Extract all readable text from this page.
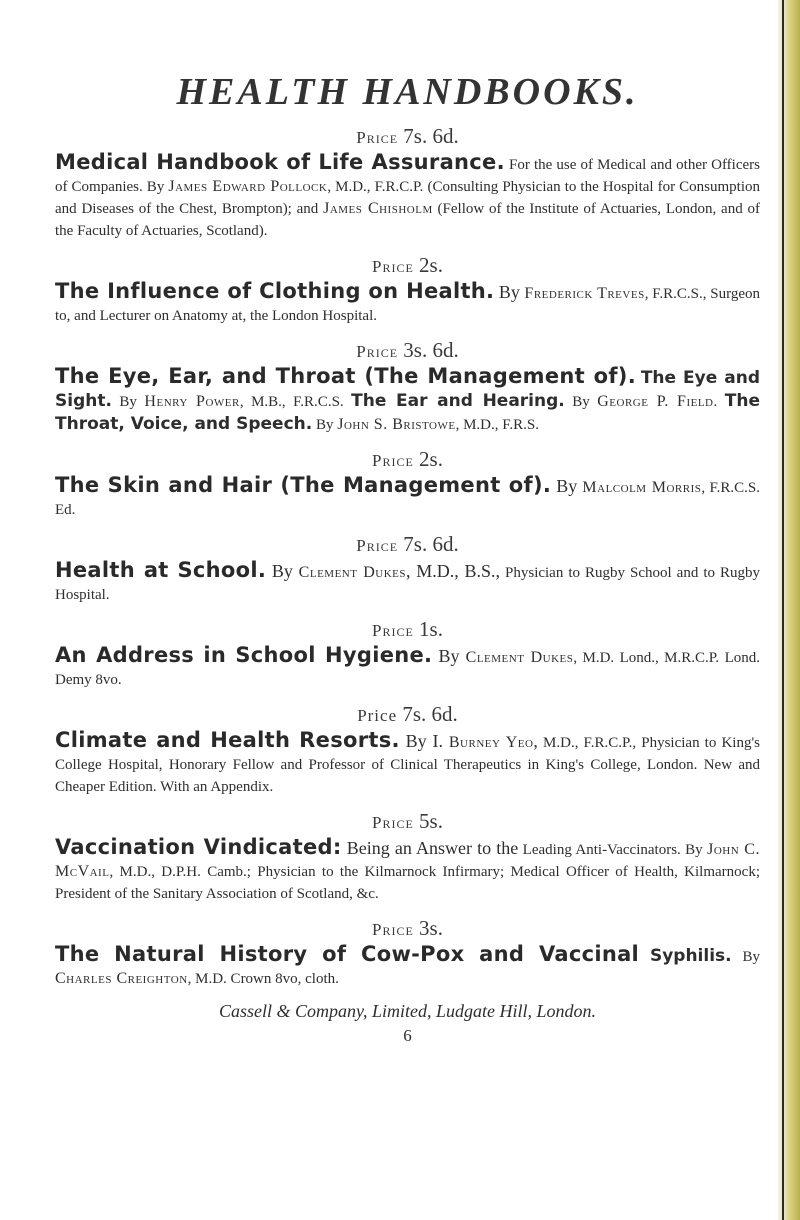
HEALTH HANDBOOKS.
Price 7s. 6d.

Medical Handbook of Life Assurance. For the use of Medical and other Officers of Companies. By James Edward Pollock, M.D., F.R.C.P. (Consulting Physician to the Hospital for Consumption and Diseases of the Chest, Brompton); and James Chisholm (Fellow of the Institute of Actuaries, London, and of the Faculty of Actuaries, Scotland).

Price 2s.

The Influence of Clothing on Health. By Frederick Treves, F.R.C.S., Surgeon to, and Lecturer on Anatomy at, the London Hospital.

Price 3s. 6d.

The Eye, Ear, and Throat (The Management of). The Eye and Sight. By Henry Power, M.B., F.R.C.S. The Ear and Hearing. By George P. Field. The Throat, Voice, and Speech. By John S. Bristowe, M.D., F.R.S.

Price 2s.

The Skin and Hair (The Management of). By Malcolm Morris, F.R.C.S. Ed.

Price 7s. 6d.

Health at School. By Clement Dukes, M.D., B.S., Physician to Rugby School and to Rugby Hospital.

Price 1s.

An Address in School Hygiene. By Clement Dukes, M.D. Lond., M.R.C.P. Lond. Demy 8vo.

Price 7s. 6d.

Climate and Health Resorts. By I. Burney Yeo, M.D., F.R.C.P., Physician to King's College Hospital, Honorary Fellow and Professor of Clinical Therapeutics in King's College, London. New and Cheaper Edition. With an Appendix.

Price 5s.

Vaccination Vindicated: Being an Answer to the Leading Anti-Vaccinators. By John C. McVail, M.D., D.P.H. Camb.; Physician to the Kilmarnock Infirmary; Medical Officer of Health, Kilmarnock; President of the Sanitary Association of Scotland, &c.

Price 3s.

The Natural History of Cow-Pox and Vaccinal Syphilis. By Charles Creighton, M.D. Crown 8vo, cloth.

Cassell & Company, Limited, Ludgate Hill, London.
6
